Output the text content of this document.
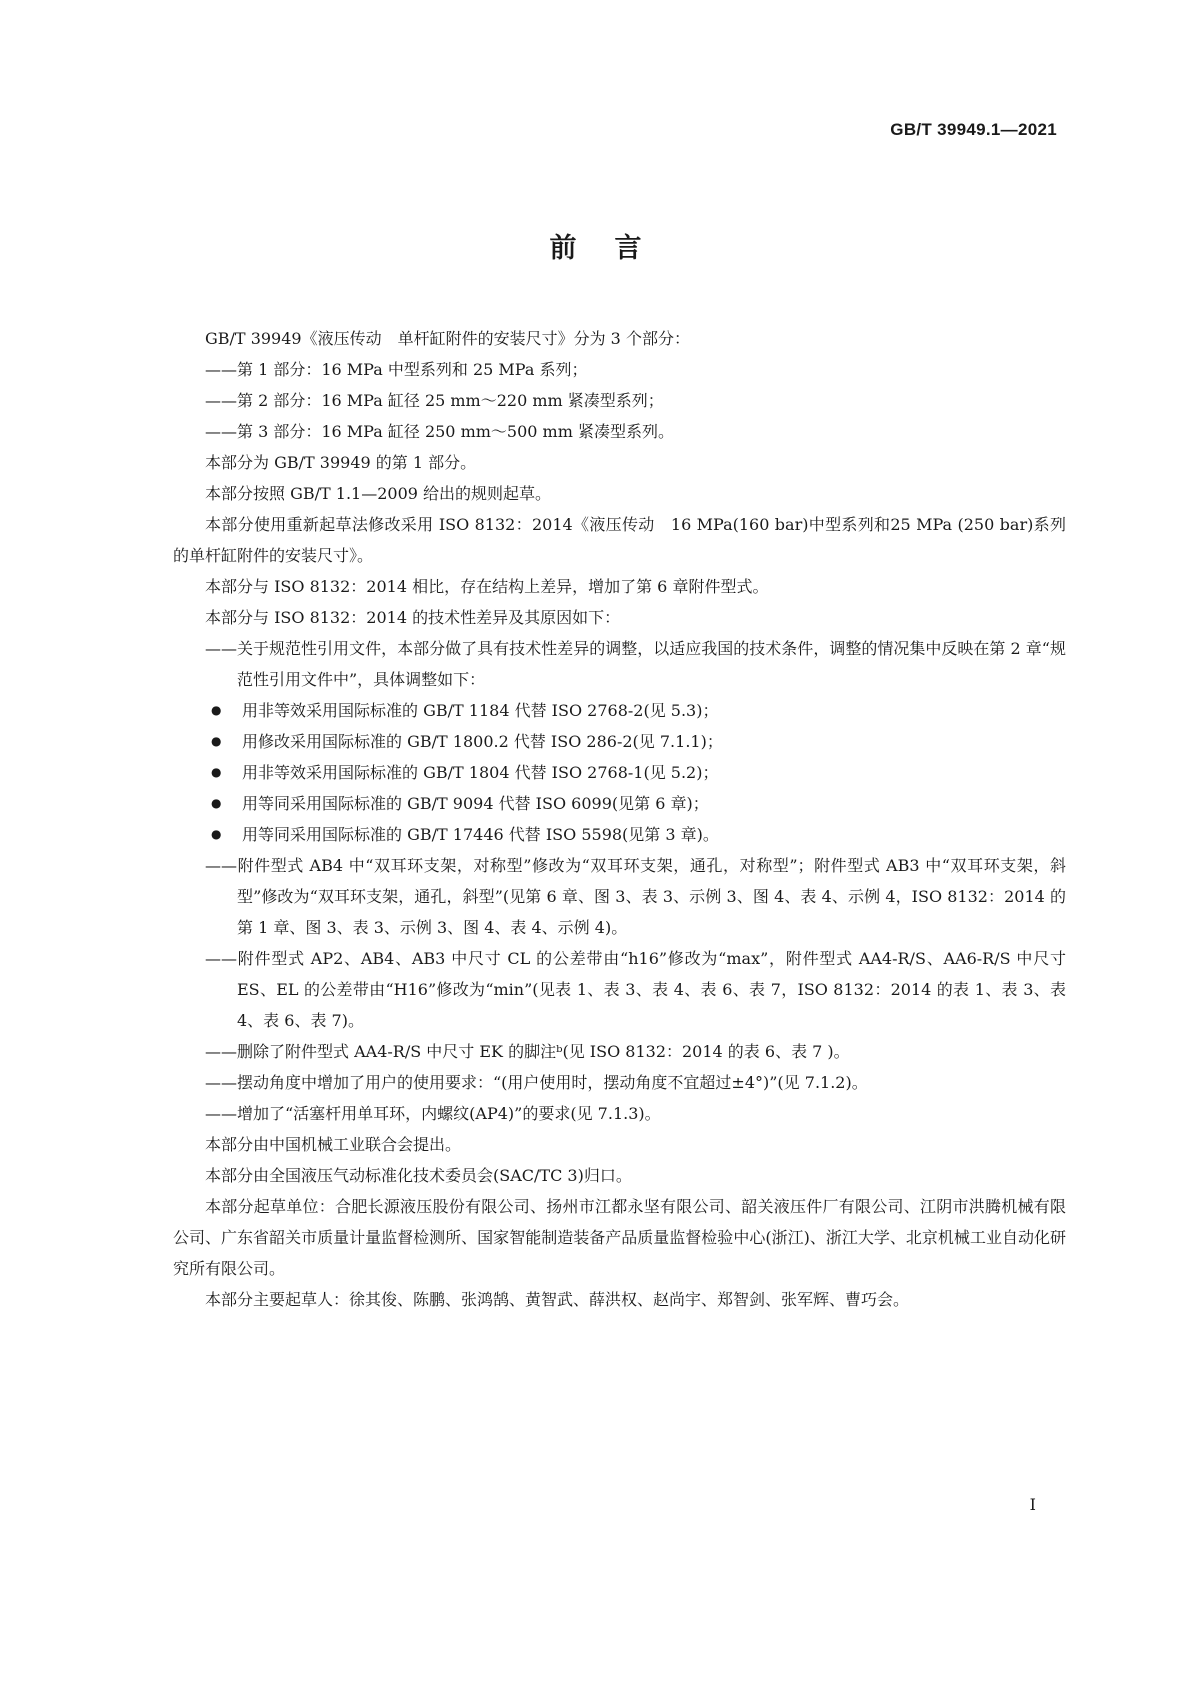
GB/T 39949.1—2021
前言

GB/T 39949《液压传动　单杆缸附件的安装尺寸》分为 3 个部分：

——第 1 部分：16 MPa 中型系列和 25 MPa 系列；

——第 2 部分：16 MPa 缸径 25 mm～220 mm 紧凑型系列；

——第 3 部分：16 MPa 缸径 250 mm～500 mm 紧凑型系列。

本部分为 GB/T 39949 的第 1 部分。

本部分按照 GB/T 1.1—2009 给出的规则起草。

本部分使用重新起草法修改采用 ISO 8132：2014《液压传动　16 MPa(160 bar)中型系列和25 MPa (250 bar)系列的单杆缸附件的安装尺寸》。

本部分与 ISO 8132：2014 相比，存在结构上差异，增加了第 6 章附件型式。

本部分与 ISO 8132：2014 的技术性差异及其原因如下：

——关于规范性引用文件，本部分做了具有技术性差异的调整，以适应我国的技术条件，调整的情况集中反映在第 2 章“规范性引用文件中”，具体调整如下：

● 用非等效采用国际标准的 GB/T 1184 代替 ISO 2768-2(见 5.3)；
● 用修改采用国际标准的 GB/T 1800.2 代替 ISO 286-2(见 7.1.1)；
● 用非等效采用国际标准的 GB/T 1804 代替 ISO 2768-1(见 5.2)；
● 用等同采用国际标准的 GB/T 9094 代替 ISO 6099(见第 6 章)；
● 用等同采用国际标准的 GB/T 17446 代替 ISO 5598(见第 3 章)。

——附件型式 AB4 中“双耳环支架，对称型”修改为“双耳环支架，通孔，对称型”；附件型式 AB3 中“双耳环支架，斜型”修改为“双耳环支架，通孔，斜型”(见第 6 章、图 3、表 3、示例 3、图 4、表 4、示例 4，ISO 8132：2014 的第 1 章、图 3、表 3、示例 3、图 4、表 4、示例 4)。

——附件型式 AP2、AB4、AB3 中尺寸 CL 的公差带由“h16”修改为“max”，附件型式 AA4-R/S、AA6-R/S 中尺寸 ES、EL 的公差带由“H16”修改为“min”(见表 1、表 3、表 4、表 6、表 7，ISO 8132：2014 的表 1、表 3、表 4、表 6、表 7)。

——删除了附件型式 AA4-R/S 中尺寸 EK 的脚注ᵇ(见 ISO 8132：2014 的表 6、表 7 )。

——摆动角度中增加了用户的使用要求：“(用户使用时，摆动角度不宜超过±4°)”(见 7.1.2)。

——增加了“活塞杆用单耳环，内螺纹(AP4)”的要求(见 7.1.3)。

本部分由中国机械工业联合会提出。

本部分由全国液压气动标准化技术委员会(SAC/TC 3)归口。

本部分起草单位：合肥长源液压股份有限公司、扬州市江都永坚有限公司、韶关液压件厂有限公司、江阴市洪腾机械有限公司、广东省韶关市质量计量监督检测所、国家智能制造装备产品质量监督检验中心(浙江)、浙江大学、北京机械工业自动化研究所有限公司。

本部分主要起草人：徐其俊、陈鹏、张鸿鹄、黄智武、薛洪权、赵尚宇、郑智剑、张军辉、曹巧会。

I
